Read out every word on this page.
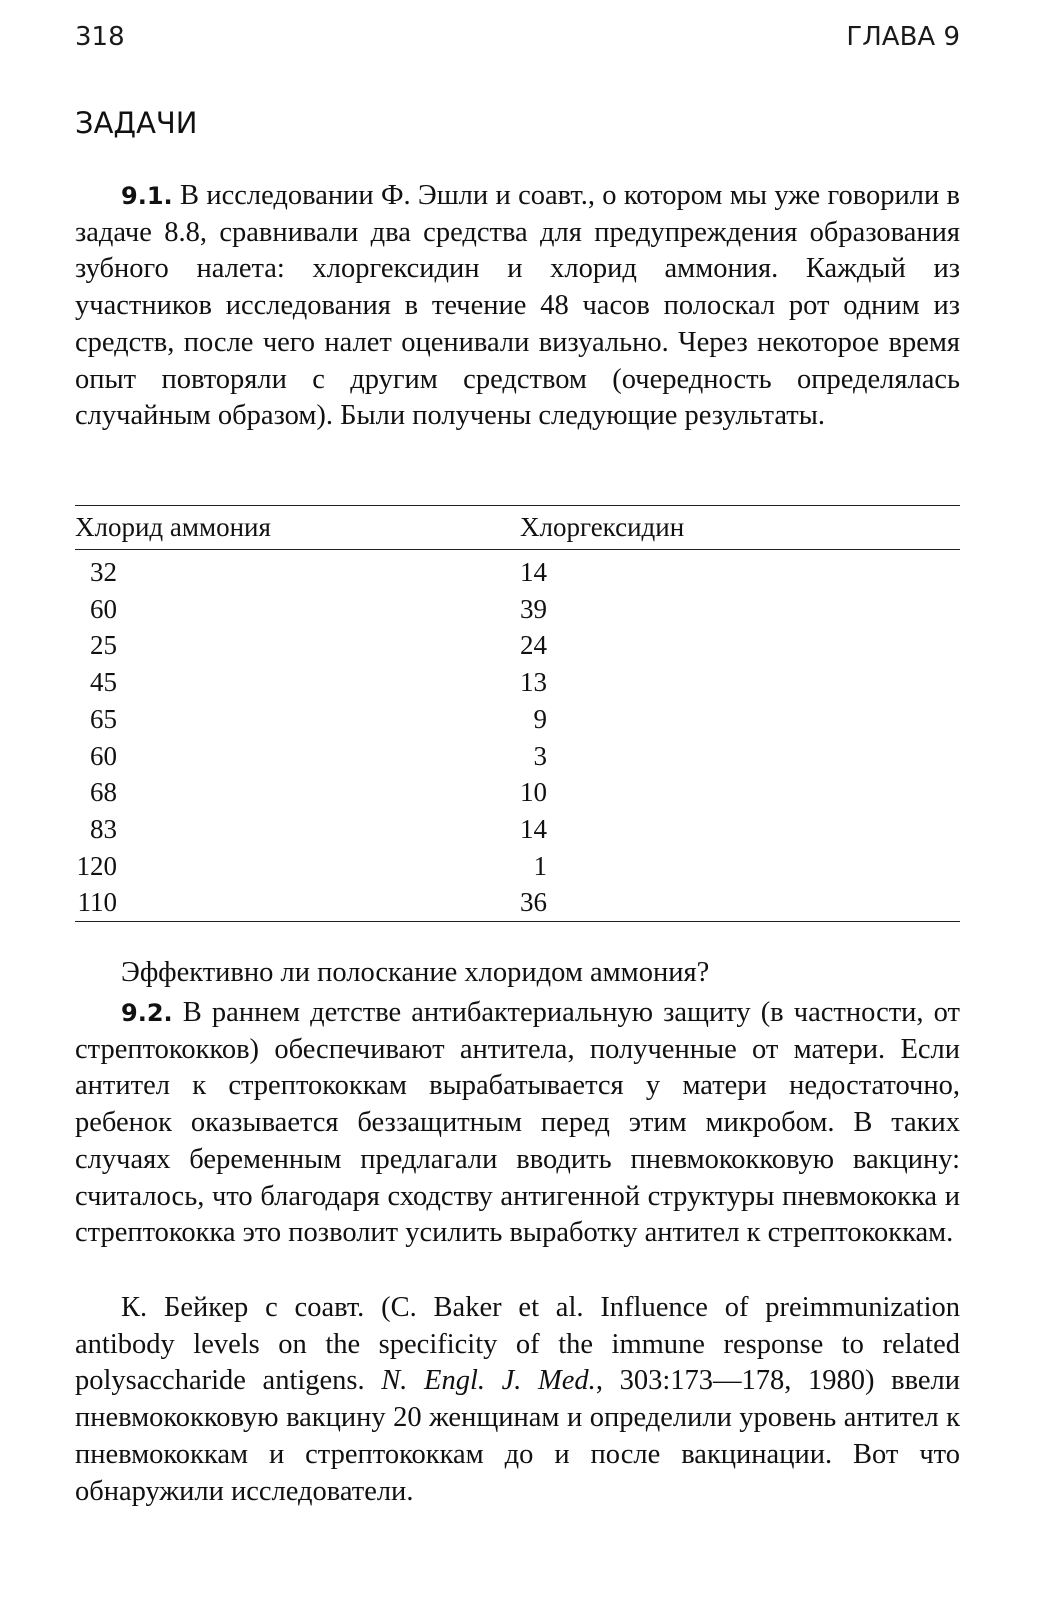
318	ГЛАВА 9
ЗАДАЧИ
9.1. В исследовании Ф. Эшли и соавт., о котором мы уже говорили в задаче 8.8, сравнивали два средства для предупреждения образования зубного налета: хлоргексидин и хлорид аммония. Каждый из участников исследования в течение 48 часов полоскал рот одним из средств, после чего налет оценивали визуально. Через некоторое время опыт повторяли с другим средством (очередность определялась случайным образом). Были получены следующие результаты.
Хлорид аммония	Хлоргексидин
32	14
60	39
25	24
45	13
65	9
60	3
68	10
83	14
120	1
110	36
Эффективно ли полоскание хлоридом аммония?
9.2. В раннем детстве антибактериальную защиту (в частности, от стрептококков) обеспечивают антитела, полученные от матери. Если антител к стрептококкам вырабатывается у матери недостаточно, ребенок оказывается беззащитным перед этим микробом. В таких случаях беременным предлагали вводить пневмококковую вакцину: считалось, что благодаря сходству антигенной структуры пневмококка и стрептококка это позволит усилить выработку антител к стрептококкам.
К. Бейкер с соавт. (C. Baker et al. Influence of preimmunization antibody levels on the specificity of the immune response to related polysaccharide antigens. N. Engl. J. Med., 303:173—178, 1980) ввели пневмококковую вакцину 20 женщинам и определили уровень антител к пневмококкам и стрептококкам до и после вакцинации. Вот что обнаружили исследователи.
